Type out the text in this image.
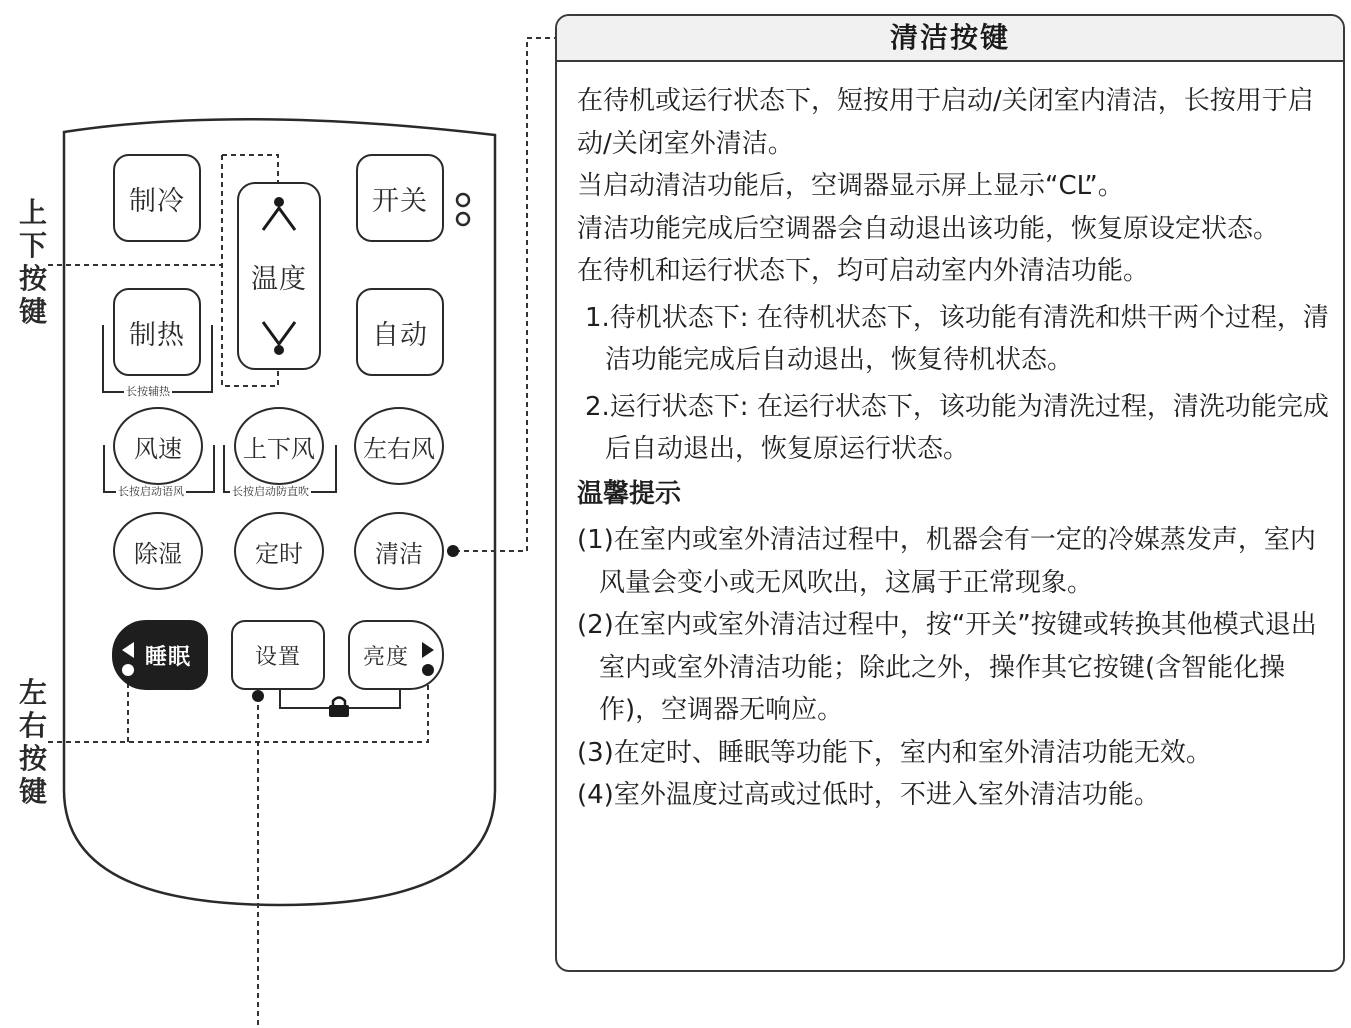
上下按键
左右按键
制冷
温度
开关
制热
长按辅热
自动
风速	上下风 左右风
长按启动语风	长按启动防直吹
除湿	定时	清洁
睡眠	设置	亮度
清洁按键

在待机或运行状态下，短按用于启动/关闭室内清洁，长按用于启动/关闭室外清洁。

当启动清洁功能后，空调器显示屏上显示“CL”。

清洁功能完成后空调器会自动退出该功能，恢复原设定状态。

在待机和运行状态下，均可启动室内外清洁功能。

1.待机状态下: 在待机状态下，该功能有清洗和烘干两个过程，清洁功能完成后自动退出，恢复待机状态。

2.运行状态下: 在运行状态下，该功能为清洗过程，清洗功能完成后自动退出，恢复原运行状态。

温馨提示

(1)在室内或室外清洁过程中，机器会有一定的冷媒蒸发声，室内风量会变小或无风吹出，这属于正常现象。

(2)在室内或室外清洁过程中，按“开关”按键或转换其他模式退出室内或室外清洁功能；除此之外，操作其它按键(含智能化操作)，空调器无响应。

(3)在定时、睡眠等功能下，室内和室外清洁功能无效。

(4)室外温度过高或过低时，不进入室外清洁功能。
